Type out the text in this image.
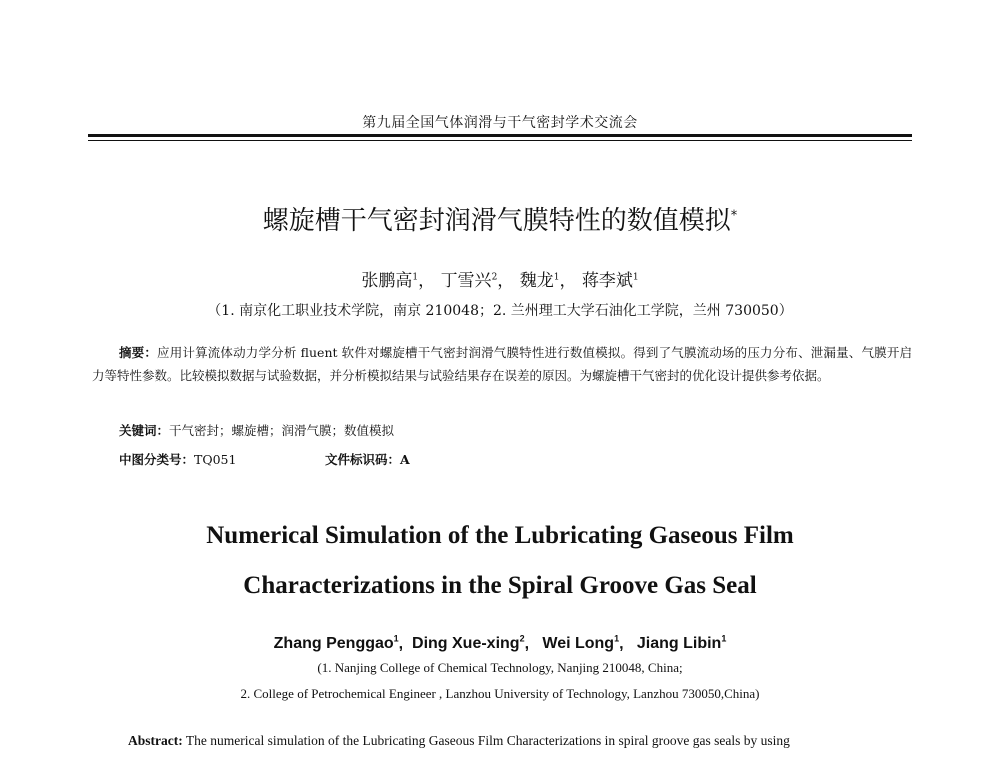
第九届全国气体润滑与干气密封学术交流会
螺旋槽干气密封润滑气膜特性的数值模拟*
张鹏高$^1$， 丁雪兴$^2$， 魏龙$^1$， 蒋李斌$^1$
（1. 南京化工职业技术学院，南京 210048；2. 兰州理工大学石油化工学院，兰州 730050）
摘要：应用计算流体动力学分析 fluent 软件对螺旋槽干气密封润滑气膜特性进行数值模拟。得到了气膜流动场的压力分布、泄漏量、气膜开启力等特性参数。比较模拟数据与试验数据，并分析模拟结果与试验结果存在误差的原因。为螺旋槽干气密封的优化设计提供参考依据。
关键词：干气密封；螺旋槽；润滑气膜；数值模拟
中图分类号：TQ051	文件标识码：A
Numerical Simulation of the Lubricating Gaseous Film
Characterizations in the Spiral Groove Gas Seal
Zhang Penggao$^1$,  Ding Xue-xing$^2$,   Wei Long$^1$,   Jiang Libin$^1$
(1. Nanjing College of Chemical Technology, Nanjing 210048, China;
2. College of Petrochemical Engineer , Lanzhou University of Technology, Lanzhou 730050,China)
Abstract: The numerical simulation of the Lubricating Gaseous Film Characterizations in spiral groove gas seals by using
